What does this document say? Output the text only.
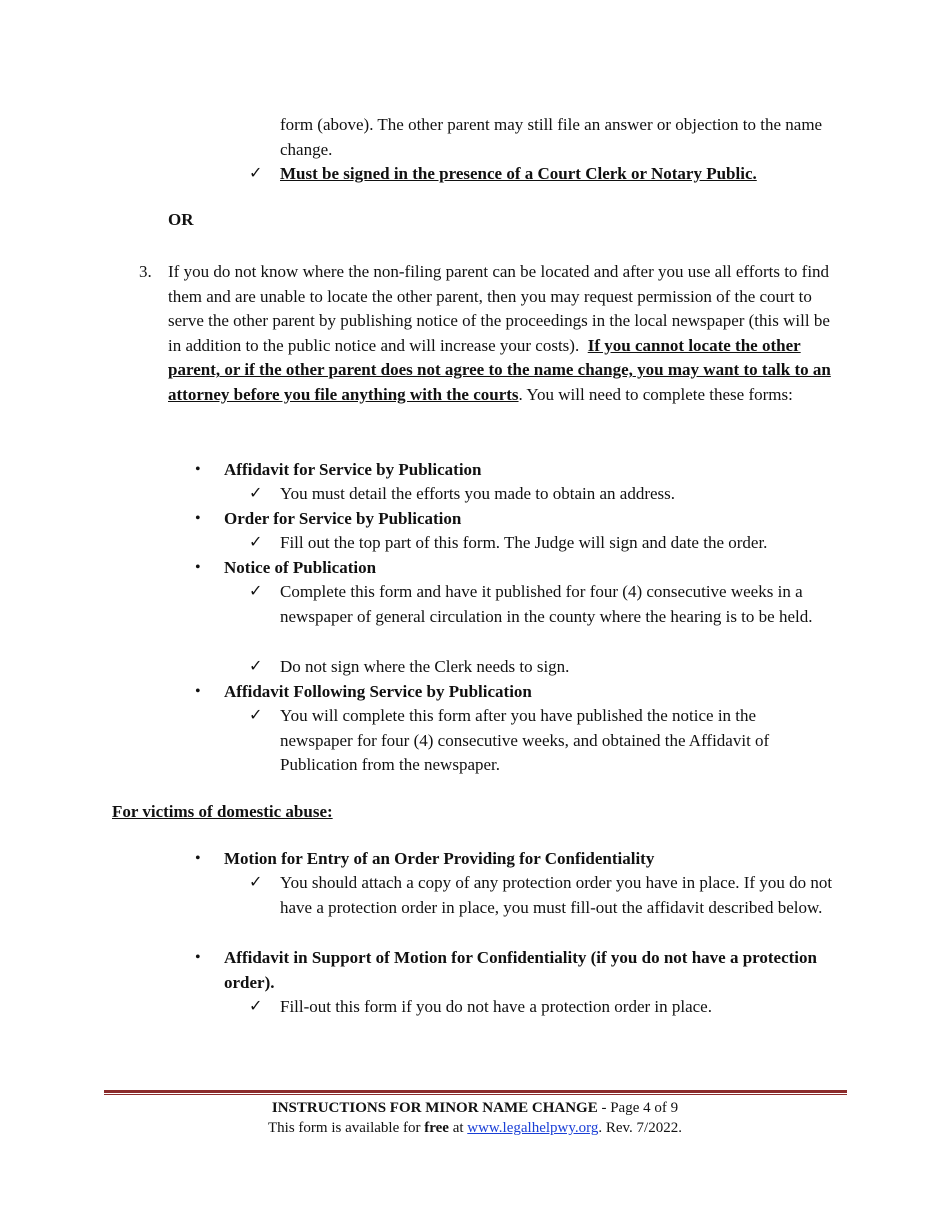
form (above). The other parent may still file an answer or objection to the name change.

✓ Must be signed in the presence of a Court Clerk or Notary Public.

OR

3. If you do not know where the non-filing parent can be located and after you use all efforts to find them and are unable to locate the other parent, then you may request permission of the court to serve the other parent by publishing notice of the proceedings in the local newspaper (this will be in addition to the public notice and will increase your costs). If you cannot locate the other parent, or if the other parent does not agree to the name change, you may want to talk to an attorney before you file anything with the courts. You will need to complete these forms:

• Affidavit for Service by Publication

✓ You must detail the efforts you made to obtain an address.

• Order for Service by Publication

✓ Fill out the top part of this form. The Judge will sign and date the order.

• Notice of Publication

✓ Complete this form and have it published for four (4) consecutive weeks in a newspaper of general circulation in the county where the hearing is to be held.

✓ Do not sign where the Clerk needs to sign.

• Affidavit Following Service by Publication

✓ You will complete this form after you have published the notice in the newspaper for four (4) consecutive weeks, and obtained the Affidavit of Publication from the newspaper.

For victims of domestic abuse:

• Motion for Entry of an Order Providing for Confidentiality

✓ You should attach a copy of any protection order you have in place. If you do not have a protection order in place, you must fill-out the affidavit described below.

• Affidavit in Support of Motion for Confidentiality (if you do not have a protection order).

✓ Fill-out this form if you do not have a protection order in place.

INSTRUCTIONS FOR MINOR NAME CHANGE - Page 4 of 9
This form is available for free at www.legalhelpwy.org. Rev. 7/2022.
